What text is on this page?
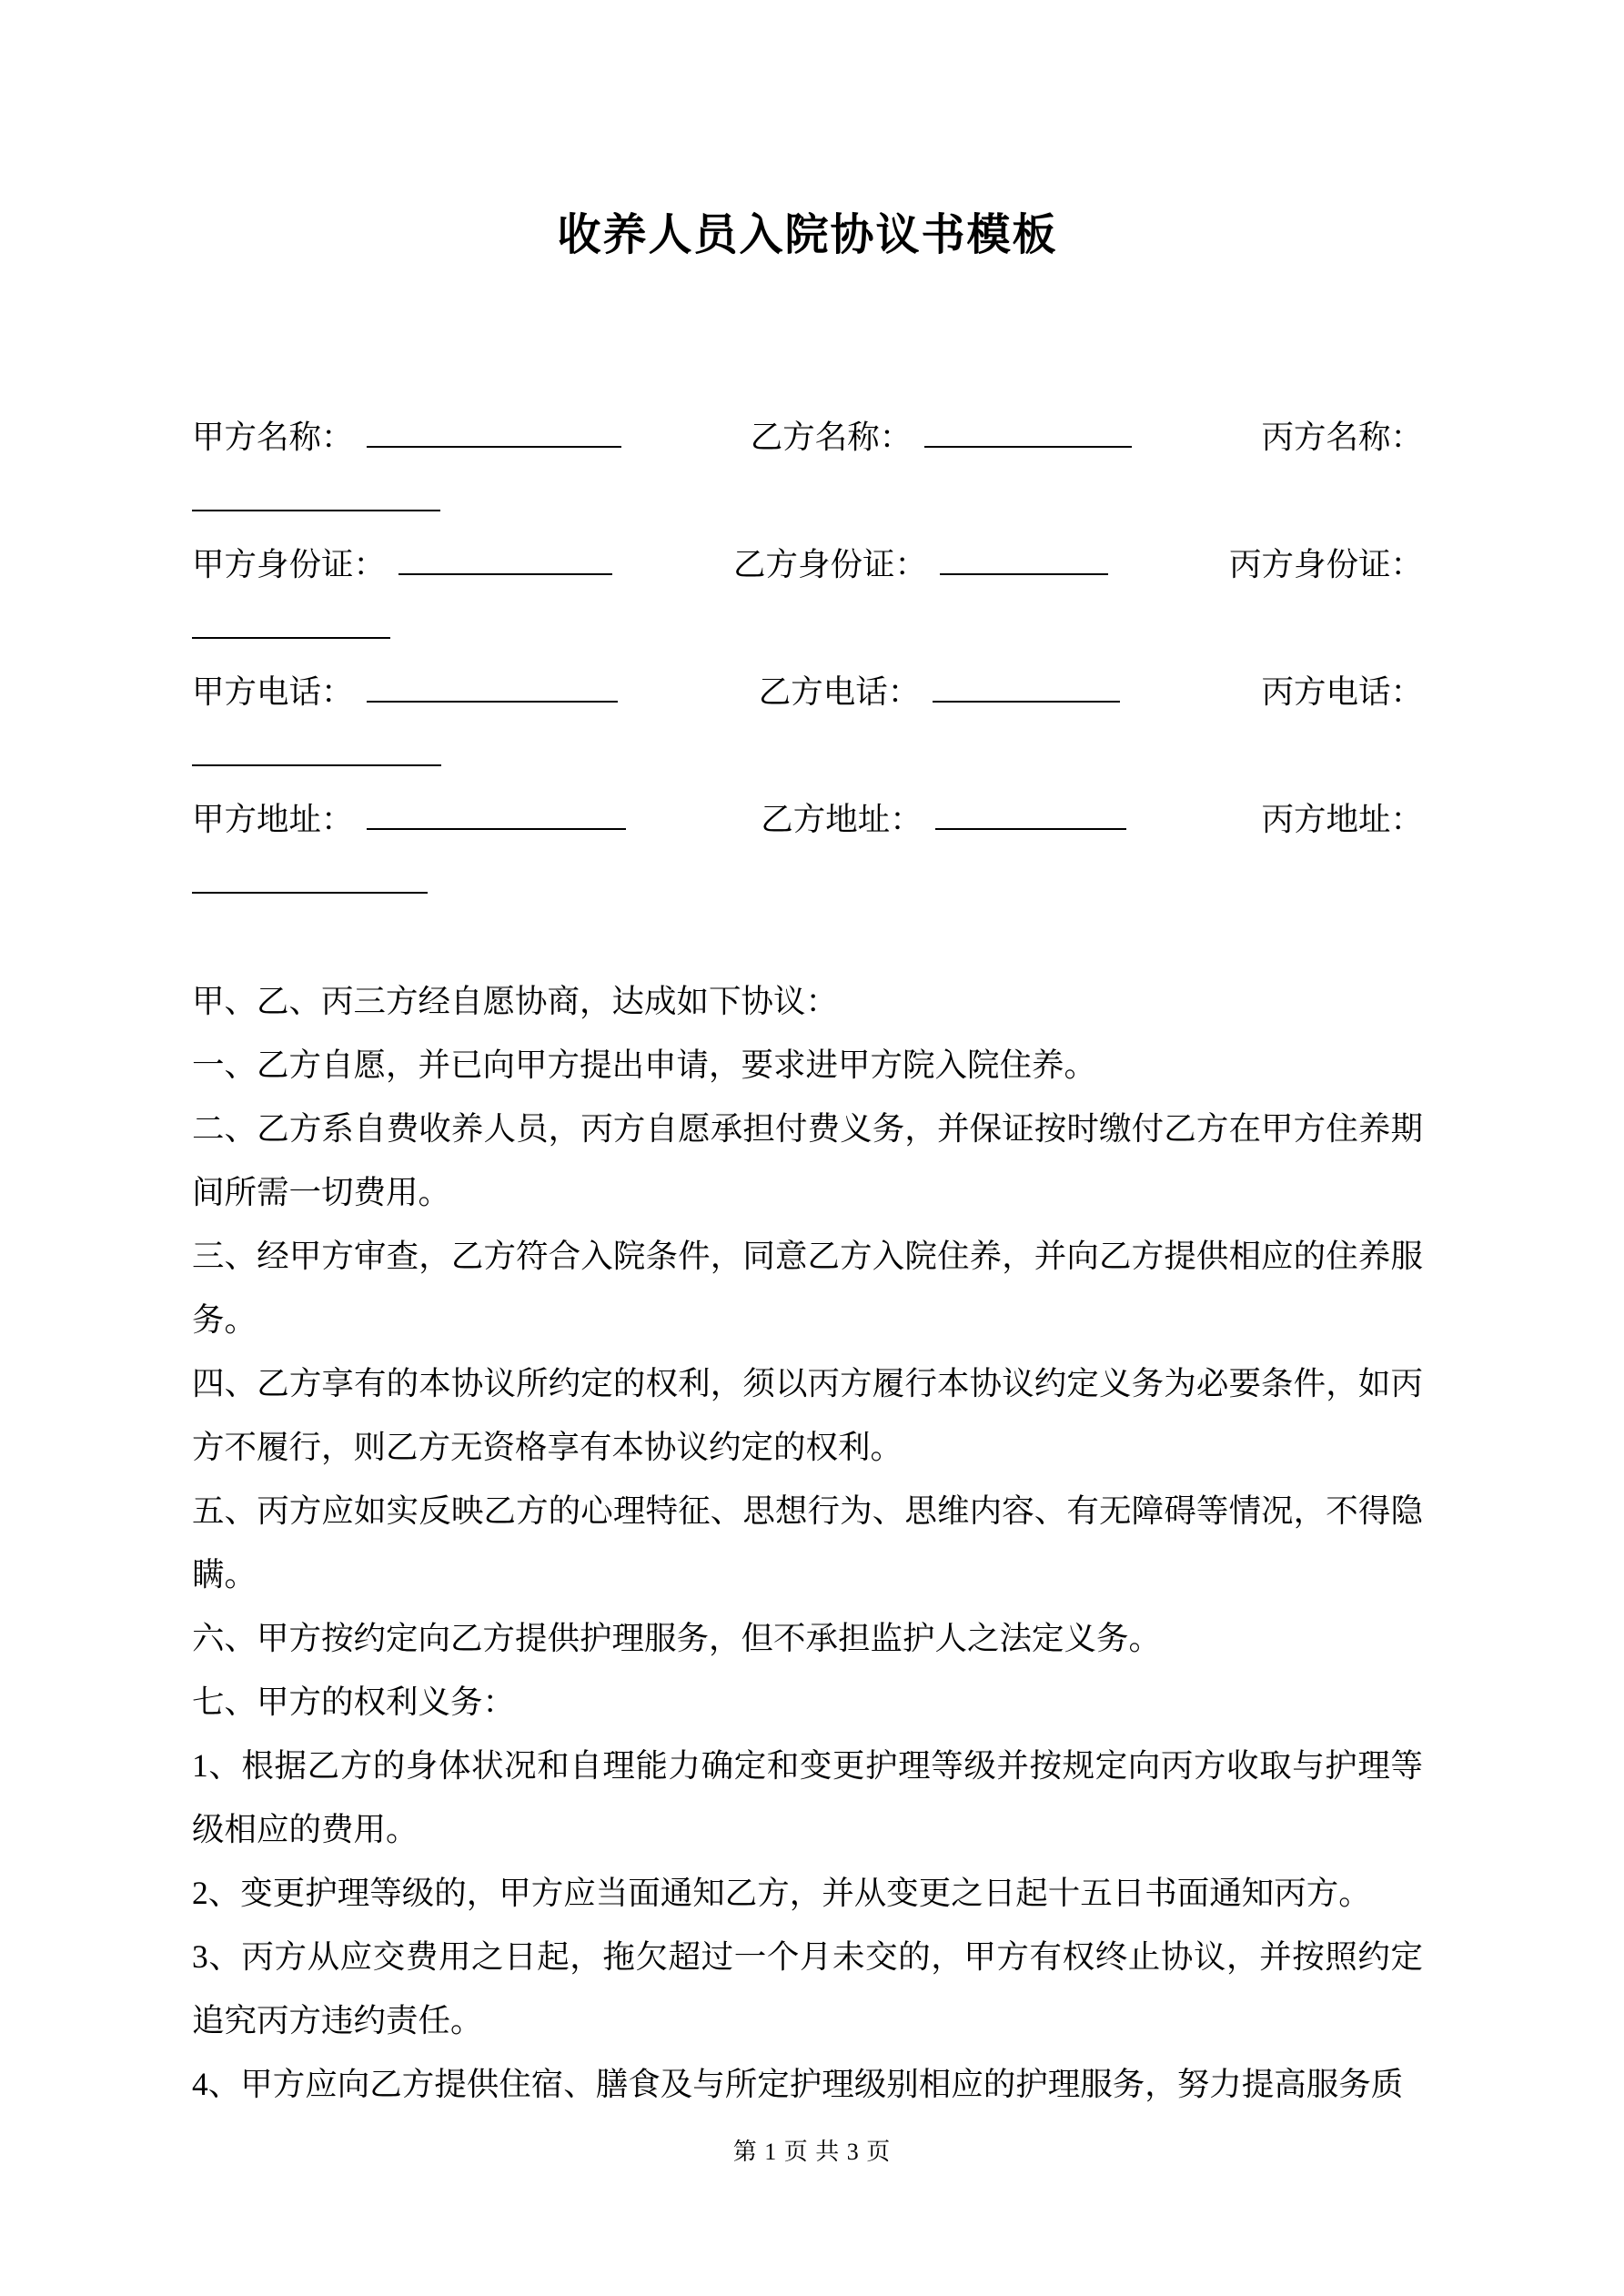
收养人员入院协议书模板
甲方名称：	乙方名称：	丙方名称：
甲方身份证：	乙方身份证：	丙方身份证：
甲方电话：	乙方电话：	丙方电话：
甲方地址：	乙方地址：	丙方地址：
甲、乙、丙三方经自愿协商，达成如下协议：
一、乙方自愿，并已向甲方提出申请，要求进甲方院入院住养。
二、乙方系自费收养人员，丙方自愿承担付费义务，并保证按时缴付乙方在甲方住养期间所需一切费用。
三、经甲方审查，乙方符合入院条件，同意乙方入院住养，并向乙方提供相应的住养服务。
四、乙方享有的本协议所约定的权利，须以丙方履行本协议约定义务为必要条件，如丙方不履行，则乙方无资格享有本协议约定的权利。
五、丙方应如实反映乙方的心理特征、思想行为、思维内容、有无障碍等情况，不得隐瞒。
六、甲方按约定向乙方提供护理服务，但不承担监护人之法定义务。
七、甲方的权利义务：
1、根据乙方的身体状况和自理能力确定和变更护理等级并按规定向丙方收取与护理等级相应的费用。
2、变更护理等级的，甲方应当面通知乙方，并从变更之日起十五日书面通知丙方。
3、丙方从应交费用之日起，拖欠超过一个月未交的，甲方有权终止协议，并按照约定追究丙方违约责任。
4、甲方应向乙方提供住宿、膳食及与所定护理级别相应的护理服务，努力提高服务质
第 1 页 共 3 页
